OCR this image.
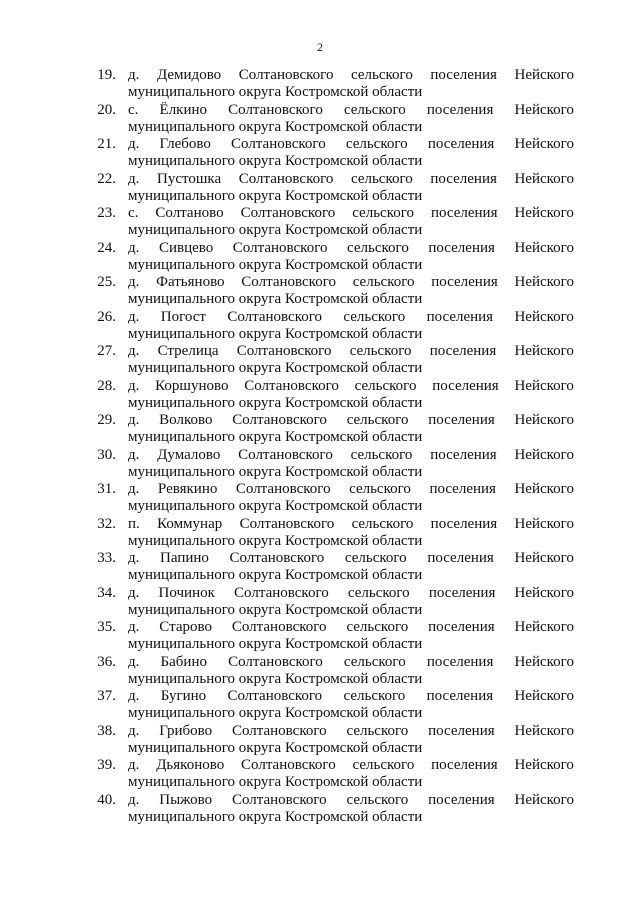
2
19. д. Демидово Солтановского сельского поселения Нейского
муниципального округа Костромской области
20. с. Ёлкино Солтановского сельского поселения Нейского
муниципального округа Костромской области
21. д. Глебово Солтановского сельского поселения Нейского
муниципального округа Костромской области
22. д. Пустошка Солтановского сельского поселения Нейского
муниципального округа Костромской области
23. с. Солтаново Солтановского сельского поселения Нейского
муниципального округа Костромской области
24. д. Сивцево Солтановского сельского поселения Нейского
муниципального округа Костромской области
25. д. Фатьяново Солтановского сельского поселения Нейского
муниципального округа Костромской области
26. д. Погост Солтановского сельского поселения Нейского
муниципального округа Костромской области
27. д. Стрелица Солтановского сельского поселения Нейского
муниципального округа Костромской области
28. д. Коршуново Солтановского сельского поселения Нейского
муниципального округа Костромской области
29. д. Волково Солтановского сельского поселения Нейского
муниципального округа Костромской области
30. д. Думалово Солтановского сельского поселения Нейского
муниципального округа Костромской области
31. д. Ревякино Солтановского сельского поселения Нейского
муниципального округа Костромской области
32. п. Коммунар Солтановского сельского поселения Нейского
муниципального округа Костромской области
33. д. Папино Солтановского сельского поселения Нейского
муниципального округа Костромской области
34. д. Починок Солтановского сельского поселения Нейского
муниципального округа Костромской области
35. д. Старово Солтановского сельского поселения Нейского
муниципального округа Костромской области
36. д. Бабино Солтановского сельского поселения Нейского
муниципального округа Костромской области
37. д. Бугино Солтановского сельского поселения Нейского
муниципального округа Костромской области
38. д. Грибово Солтановского сельского поселения Нейского
муниципального округа Костромской области
39. д. Дьяконово Солтановского сельского поселения Нейского
муниципального округа Костромской области
40. д. Пыжово Солтановского сельского поселения Нейского
муниципального округа Костромской области
